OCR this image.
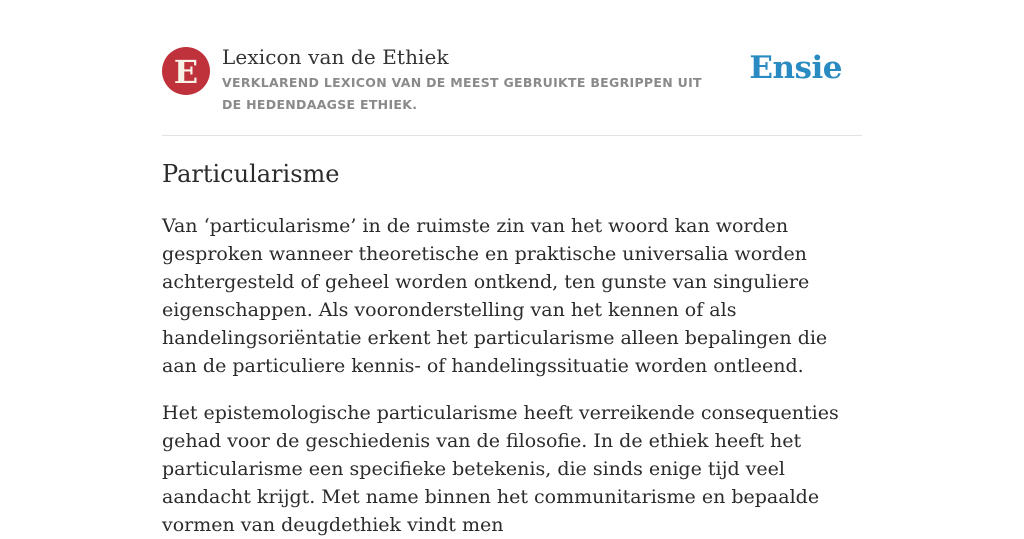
E Lexicon van de Ethiek
VERKLAREND LEXICON VAN DE MEEST GEBRUIKTE BEGRIPPEN UIT DE HEDENDAAGSE ETHIEK.
Ensie
Particularisme

Van ‘particularisme’ in de ruimste zin van het woord kan worden gesproken wanneer theoretische en praktische universalia worden achtergesteld of geheel worden ontkend, ten gunste van singuliere eigenschappen. Als vooronderstelling van het kennen of als handelingsoriëntatie erkent het particularisme alleen bepalingen die aan de particuliere kennis- of handelingssituatie worden ontleend.

Het epistemologische particularisme heeft verreikende consequenties gehad voor de geschiedenis van de filosofie. In de ethiek heeft het particularisme een specifieke betekenis, die sinds enige tijd veel aandacht krijgt. Met name binnen het communitarisme en bepaalde vormen van deugdethiek vindt men
